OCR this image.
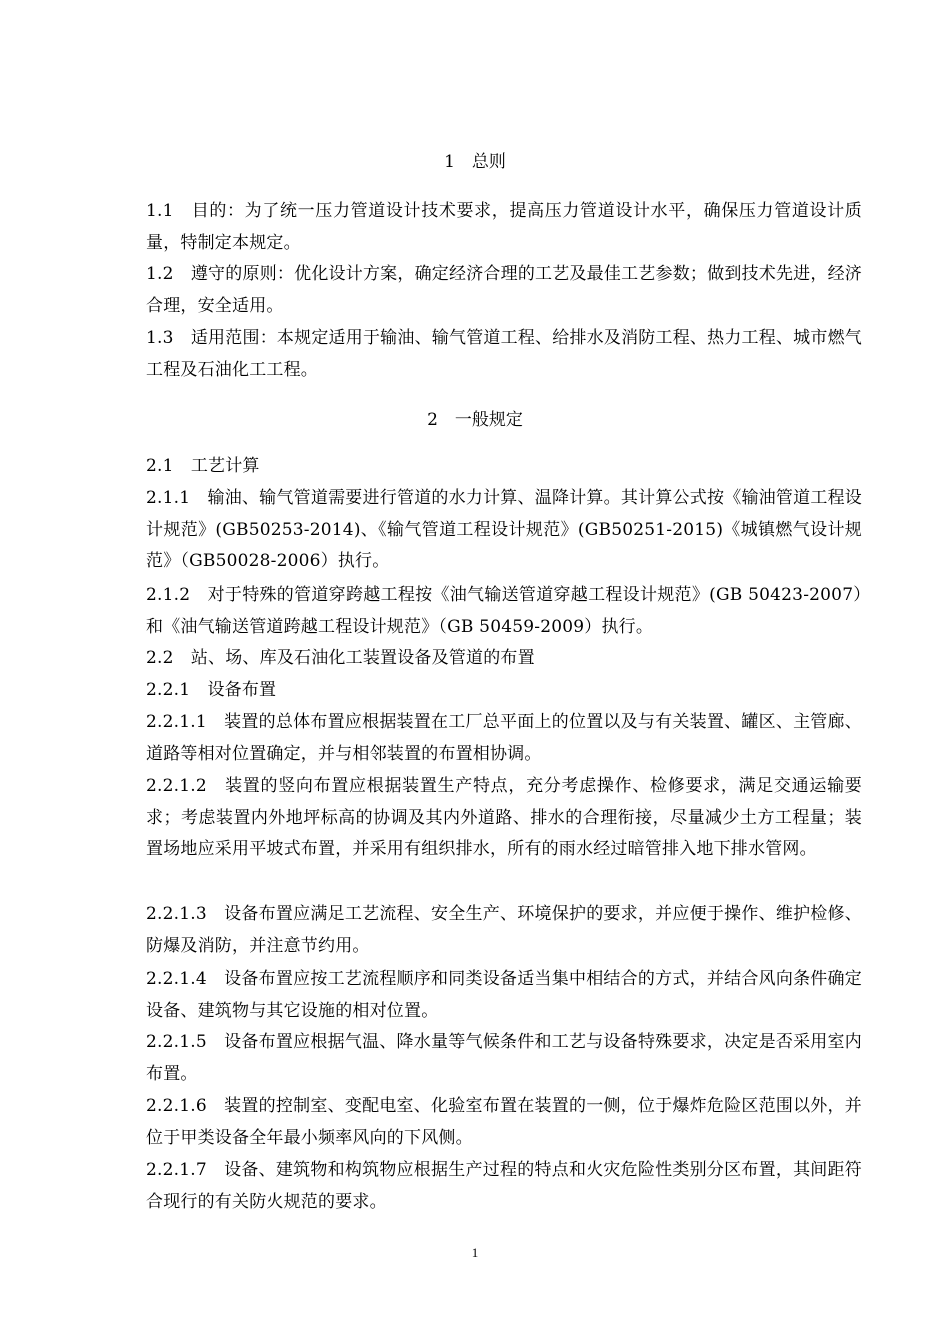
1　总则
1.1　目的：为了统一压力管道设计技术要求，提高压力管道设计水平，确保压力管道设计质量，特制定本规定。
1.2　遵守的原则：优化设计方案，确定经济合理的工艺及最佳工艺参数；做到技术先进，经济合理，安全适用。
1.3　适用范围：本规定适用于输油、输气管道工程、给排水及消防工程、热力工程、城市燃气工程及石油化工工程。
2　一般规定
2.1　工艺计算
2.1.1　输油、输气管道需要进行管道的水力计算、温降计算。其计算公式按《输油管道工程设计规范》(GB50253-2014)、《输气管道工程设计规范》(GB50251-2015)《城镇燃气设计规范》（GB50028-2006）执行。
2.1.2　对于特殊的管道穿跨越工程按《油气输送管道穿越工程设计规范》(GB 50423-2007）和《油气输送管道跨越工程设计规范》（GB 50459-2009）执行。
2.2　站、场、库及石油化工装置设备及管道的布置
2.2.1　设备布置
2.2.1.1　装置的总体布置应根据装置在工厂总平面上的位置以及与有关装置、罐区、主管廊、道路等相对位置确定，并与相邻装置的布置相协调。
2.2.1.2　装置的竖向布置应根据装置生产特点，充分考虑操作、检修要求，满足交通运输要求；考虑装置内外地坪标高的协调及其内外道路、排水的合理衔接，尽量减少土方工程量；装置场地应采用平坡式布置，并采用有组织排水，所有的雨水经过暗管排入地下排水管网。
2.2.1.3　设备布置应满足工艺流程、安全生产、环境保护的要求，并应便于操作、维护检修、防爆及消防，并注意节约用。
2.2.1.4　设备布置应按工艺流程顺序和同类设备适当集中相结合的方式，并结合风向条件确定设备、建筑物与其它设施的相对位置。
2.2.1.5　设备布置应根据气温、降水量等气候条件和工艺与设备特殊要求，决定是否采用室内布置。
2.2.1.6　装置的控制室、变配电室、化验室布置在装置的一侧，位于爆炸危险区范围以外，并位于甲类设备全年最小频率风向的下风侧。
2.2.1.7　设备、建筑物和构筑物应根据生产过程的特点和火灾危险性类别分区布置，其间距符合现行的有关防火规范的要求。
1
